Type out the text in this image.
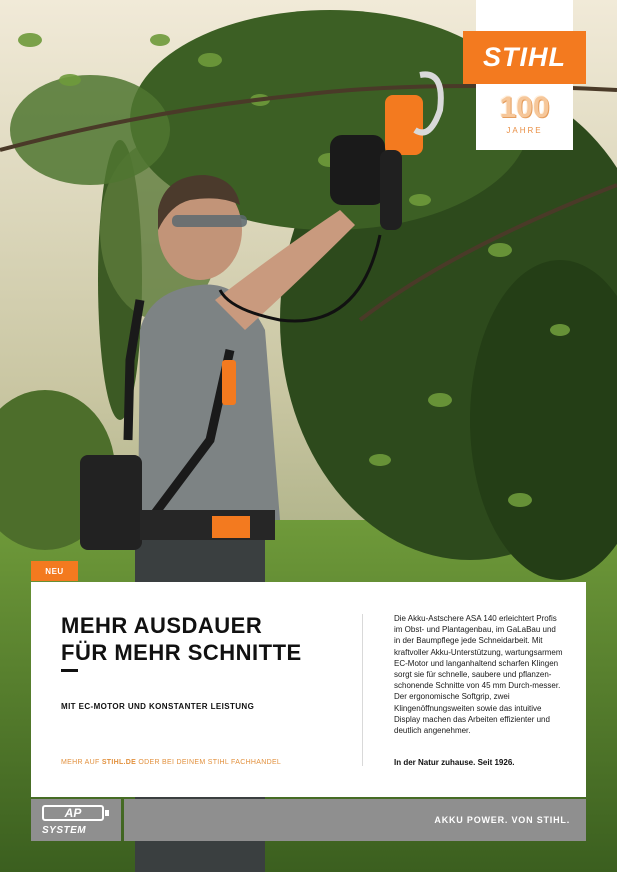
STIHL
100
JAHRE
NEU
MEHR AUSDAUER
FÜR MEHR SCHNITTE
MIT EC-MOTOR UND KONSTANTER LEISTUNG
MEHR AUF STIHL.DE ODER BEI DEINEM STIHL FACHHANDEL
Die Akku-Astschere ASA 140 erleichtert Profis im Obst- und Plantagenbau, im GaLaBau und in der Baumpflege jede Schneidarbeit. Mit kraftvoller Akku-Unterstützung, wartungsarmem EC-Motor und langanhaltend scharfen Klingen sorgt sie für schnelle, saubere und pflanzen-schonende Schnitte von 45 mm Durch-messer. Der ergonomische Softgrip, zwei Klingenöffnungsweiten sowie das intuitive Display machen das Arbeiten effizienter und deutlich angenehmer.
In der Natur zuhause. Seit 1926.
AP
SYSTEM
AKKU POWER. VON STIHL.
